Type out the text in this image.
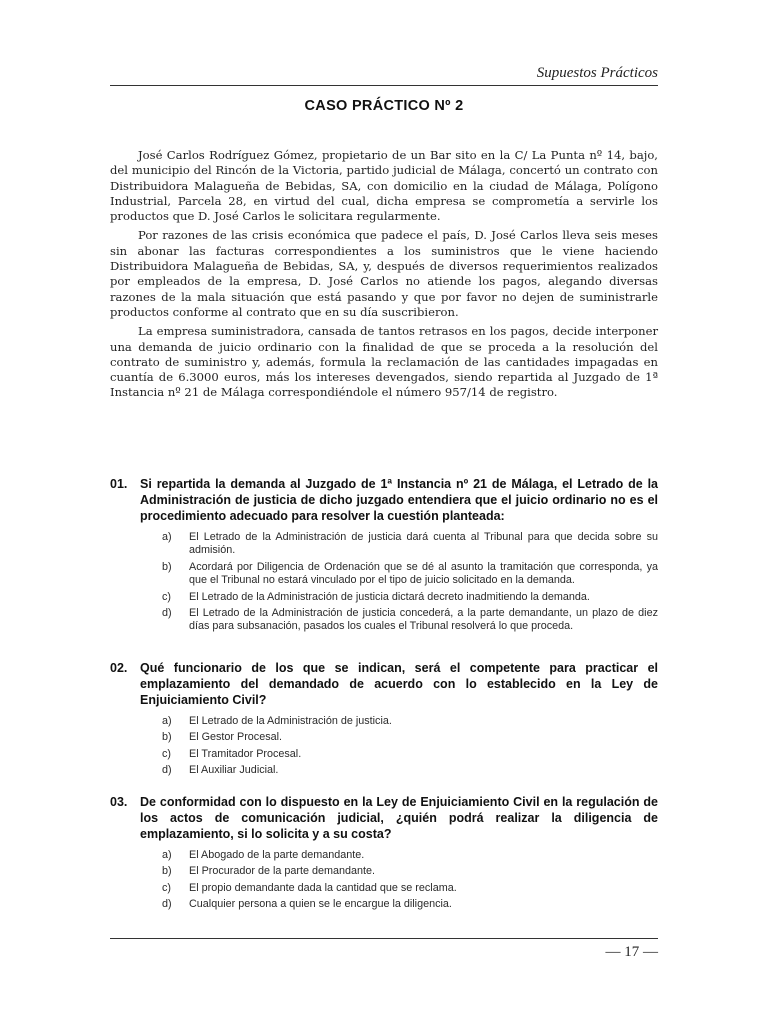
Supuestos Prácticos
CASO PRÁCTICO Nº 2

José Carlos Rodríguez Gómez, propietario de un Bar sito en la C/ La Punta nº 14, bajo, del municipio del Rincón de la Victoria, partido judicial de Málaga, concertó un contrato con Distribuidora Malagueña de Bebidas, SA, con domicilio en la ciudad de Málaga, Polígono Industrial, Parcela 28, en virtud del cual, dicha empresa se comprometía a servirle los productos que D. José Carlos le solicitara regularmente.

Por razones de las crisis económica que padece el país, D. José Carlos lleva seis meses sin abonar las facturas correspondientes a los suministros que le viene haciendo Distribuidora Malagueña de Bebidas, SA, y, después de diversos requerimientos realizados por empleados de la empresa, D. José Carlos no atiende los pagos, alegando diversas razones de la mala situación que está pasando y que por favor no dejen de suministrarle productos conforme al contrato que en su día suscribieron.

La empresa suministradora, cansada de tantos retrasos en los pagos, decide interponer una demanda de juicio ordinario con la finalidad de que se proceda a la resolución del contrato de suministro y, además, formula la reclamación de las cantidades impagadas en cuantía de 6.3000 euros, más los intereses devengados, siendo repartida al Juzgado de 1ª Instancia nº 21 de Málaga correspondiéndole el número 957/14 de registro.

01.	Si repartida la demanda al Juzgado de 1ª Instancia nº 21 de Málaga, el Letrado de la Administración de justicia de dicho juzgado entendiera que el juicio ordinario no es el procedimiento adecuado para resolver la cuestión planteada:
a)	El Letrado de la Administración de justicia dará cuenta al Tribunal para que decida sobre su admisión.
b)	Acordará por Diligencia de Ordenación que se dé al asunto la tramitación que corresponda, ya que el Tribunal no estará vinculado por el tipo de juicio solicitado en la demanda.
c)	El Letrado de la Administración de justicia dictará decreto inadmitiendo la demanda.
d)	El Letrado de la Administración de justicia concederá, a la parte demandante, un plazo de diez días para subsanación, pasados los cuales el Tribunal resolverá lo que proceda.
02.	Qué funcionario de los que se indican, será el competente para practicar el emplazamiento del demandado de acuerdo con lo establecido en la Ley de Enjuiciamiento Civil?
a)	El Letrado de la Administración de justicia.
b)	El Gestor Procesal.
c)	El Tramitador Procesal.
d)	El Auxiliar Judicial.
03.	De conformidad con lo dispuesto en la Ley de Enjuiciamiento Civil en la regulación de los actos de comunicación judicial, ¿quién podrá realizar la diligencia de emplazamiento, si lo solicita y a su costa?
a)	El Abogado de la parte demandante.
b)	El Procurador de la parte demandante.
c)	El propio demandante dada la cantidad que se reclama.
d)	Cualquier persona a quien se le encargue la diligencia.
— 17 —
